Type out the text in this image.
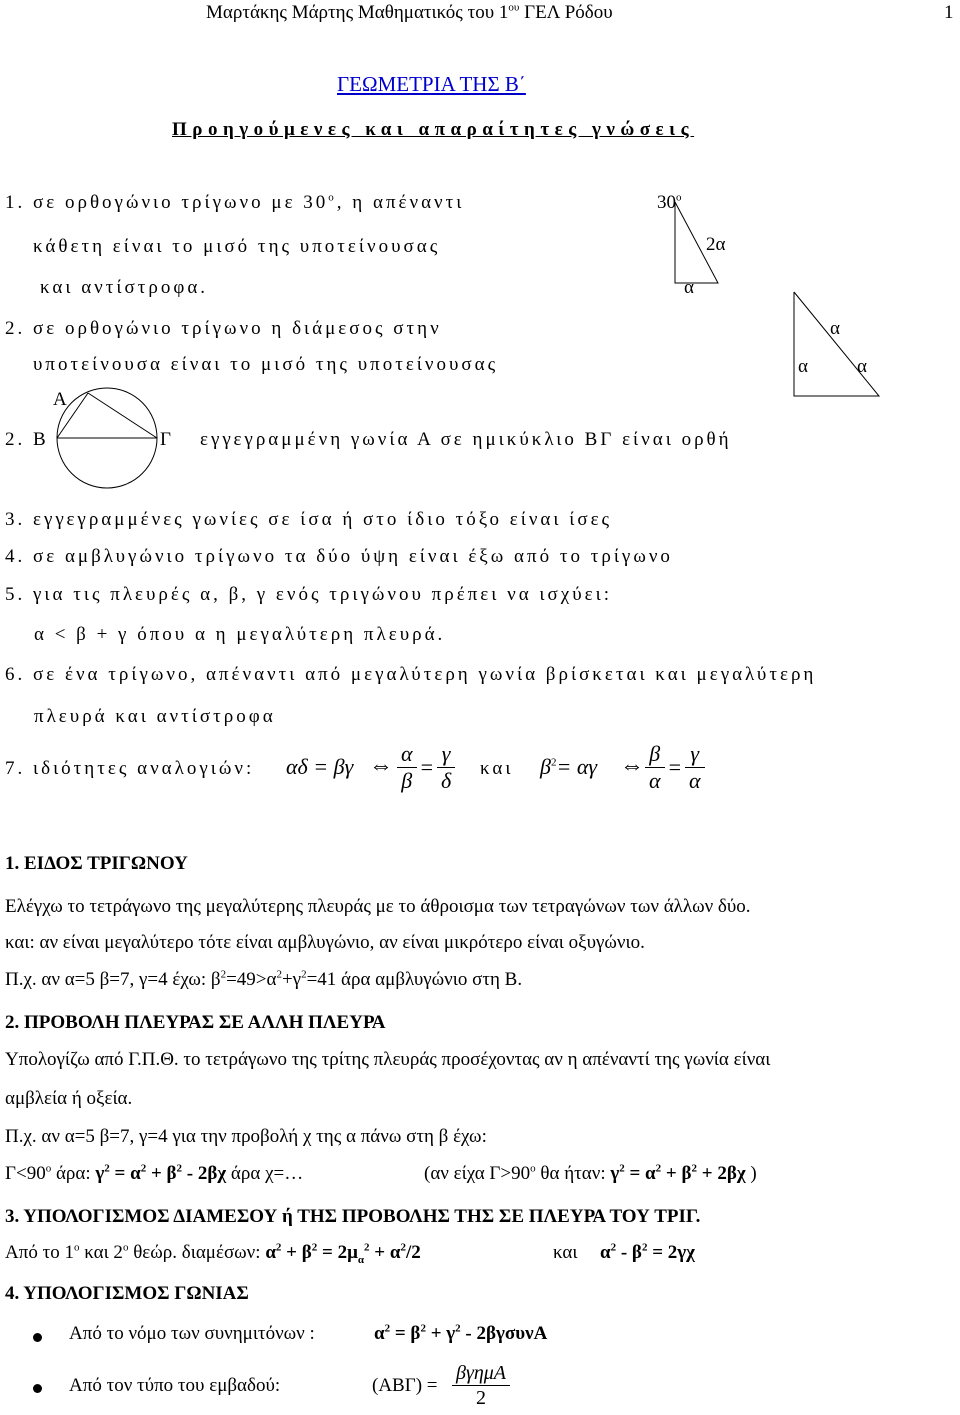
Μαρτάκης Μάρτης Μαθηματικός του $1^{o\upsilon}$ ΓΕΛ Ρόδου	1
ΓΕΩΜΕΤΡΙΑ ΤΗΣ Β΄
Προηγούμενες και απαραίτητες γνώσεις
1. σε ορθογώνιο τρίγωνο με $30^o$, η απέναντι
κάθετη είναι το μισό της υποτείνουσας
και αντίστροφα.
$30^o$
2α
α
2. σε ορθογώνιο τρίγωνο η διάμεσος στην
υποτείνουσα είναι το μισό της υποτείνουσας
α
α	α
Α
2. Β	Γ εγγεγραμμένη γωνία Α σε ημικύκλιο ΒΓ είναι ορθή
3. εγγεγραμμένες γωνίες σε ίσα ή στο ίδιο τόξο είναι ίσες
4. σε αμβλυγώνιο τρίγωνο τα δύο ύψη είναι έξω από το τρίγωνο
5. για τις πλευρές α, β, γ ενός τριγώνου πρέπει να ισχύει:
α < β + γ όπου α η μεγαλύτερη πλευρά.
6. σε ένα τρίγωνο, απέναντι από μεγαλύτερη γωνία βρίσκεται και μεγαλύτερη
πλευρά και αντίστροφα
7. ιδιότητες αναλογιών: αδ = βγ ⇔ $\frac{\alpha}{\beta} = \frac{\gamma}{\delta}$ και $\beta^2= \alpha\gamma$ ⇔ $\frac{\beta}{\alpha} = \frac{\gamma}{\alpha}$
1. ΕΙΔΟΣ ΤΡΙΓΩΝΟΥ
Ελέγχω το τετράγωνο της μεγαλύτερης πλευράς με το άθροισμα των τετραγώνων των άλλων δύο.
και: αν είναι μεγαλύτερο τότε είναι αμβλυγώνιο, αν είναι μικρότερο είναι οξυγώνιο.
Π.χ. αν α=5 β=7, γ=4 έχω: $\beta^2=49>\alpha^2+\gamma^2=41$ άρα αμβλυγώνιο στη Β.
2. ΠΡΟΒΟΛΗ ΠΛΕΥΡΑΣ ΣΕ ΑΛΛΗ ΠΛΕΥΡΑ
Υπολογίζω από Γ.Π.Θ. το τετράγωνο της τρίτης πλευράς προσέχοντας αν η απέναντί της γωνία είναι
αμβλεία ή οξεία.
Π.χ. αν α=5 β=7, γ=4 για την προβολή χ της α πάνω στη β έχω:
$\Gamma<90^o$ άρα: $\gamma^2 = \alpha^2 + \beta^2 - 2\beta\chi$ άρα χ=…	(αν είχα $\Gamma>90^o$ θα ήταν: $\gamma^2 = \alpha^2 + \beta^2 + 2\beta\chi$ )
3. ΥΠΟΛΟΓΙΣΜΟΣ ΔΙΑΜΕΣΟΥ ή ΤΗΣ ΠΡΟΒΟΛΗΣ ΤΗΣ ΣΕ ΠΛΕΥΡΑ ΤΟΥ ΤΡΙΓ.
Από το $1^o$ και $2^o$ θεώρ. διαμέσων: $\alpha^2 + \beta^2 = 2\mu_\alpha^2 + \alpha^2/2$	και $\alpha^2 - \beta^2 = 2\gamma\chi$
4. ΥΠΟΛΟΓΙΣΜΟΣ ΓΩΝΙΑΣ
Από το νόμο των συνημιτόνων :	$\alpha^2 = \beta^2 + \gamma^2 - 2\beta\gamma\sigma\upsilon\nu A$
Από τον τύπο του εμβαδού:	$(AB\Gamma) = \frac{\text{βγημΑ}}{2}$
